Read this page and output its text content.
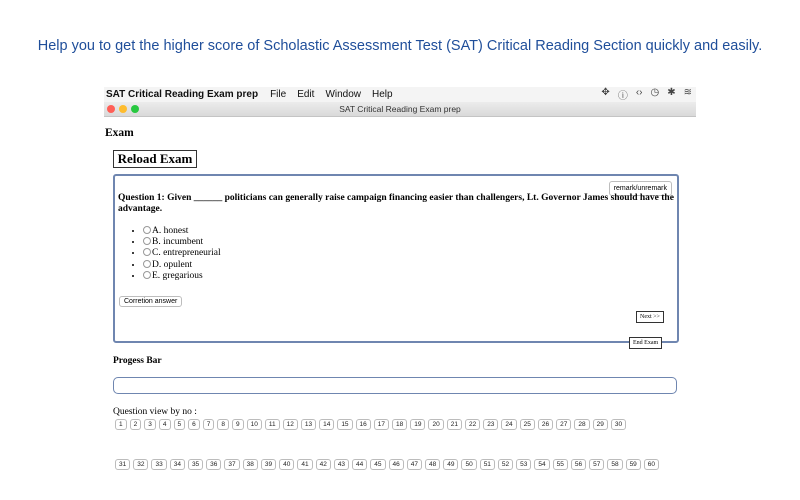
Help you to get the higher score of Scholastic Assessment Test (SAT) Critical Reading Section quickly and easily.
SAT Critical Reading Exam prep File Edit Window Help	✥ ⓘ ‹› ◷ ✱ ≋
SAT Critical Reading Exam prep
Exam
Reload Exam
remark/unremark
Question 1: Given ______ politicians can generally raise campaign financing easier than challengers, Lt. Governor James should have the advantage.
• A. honest
• B. incumbent
• C. entrepreneurial
• D. opulent
• E. gregarious
Corretion answer
Next >>
End Exam
Progess Bar
Question view by no :
1	2	3	4	5	6	7	8	9	10	11	12	13	14	15	16	17	18	19	20	21	22	23	24	25	26	27	28	29	30
31	32	33	34	35	36	37	38	39	40	41	42	43	44	45	46	47	48	49	50	51	52	53	54	55	56	57	58	59	60
